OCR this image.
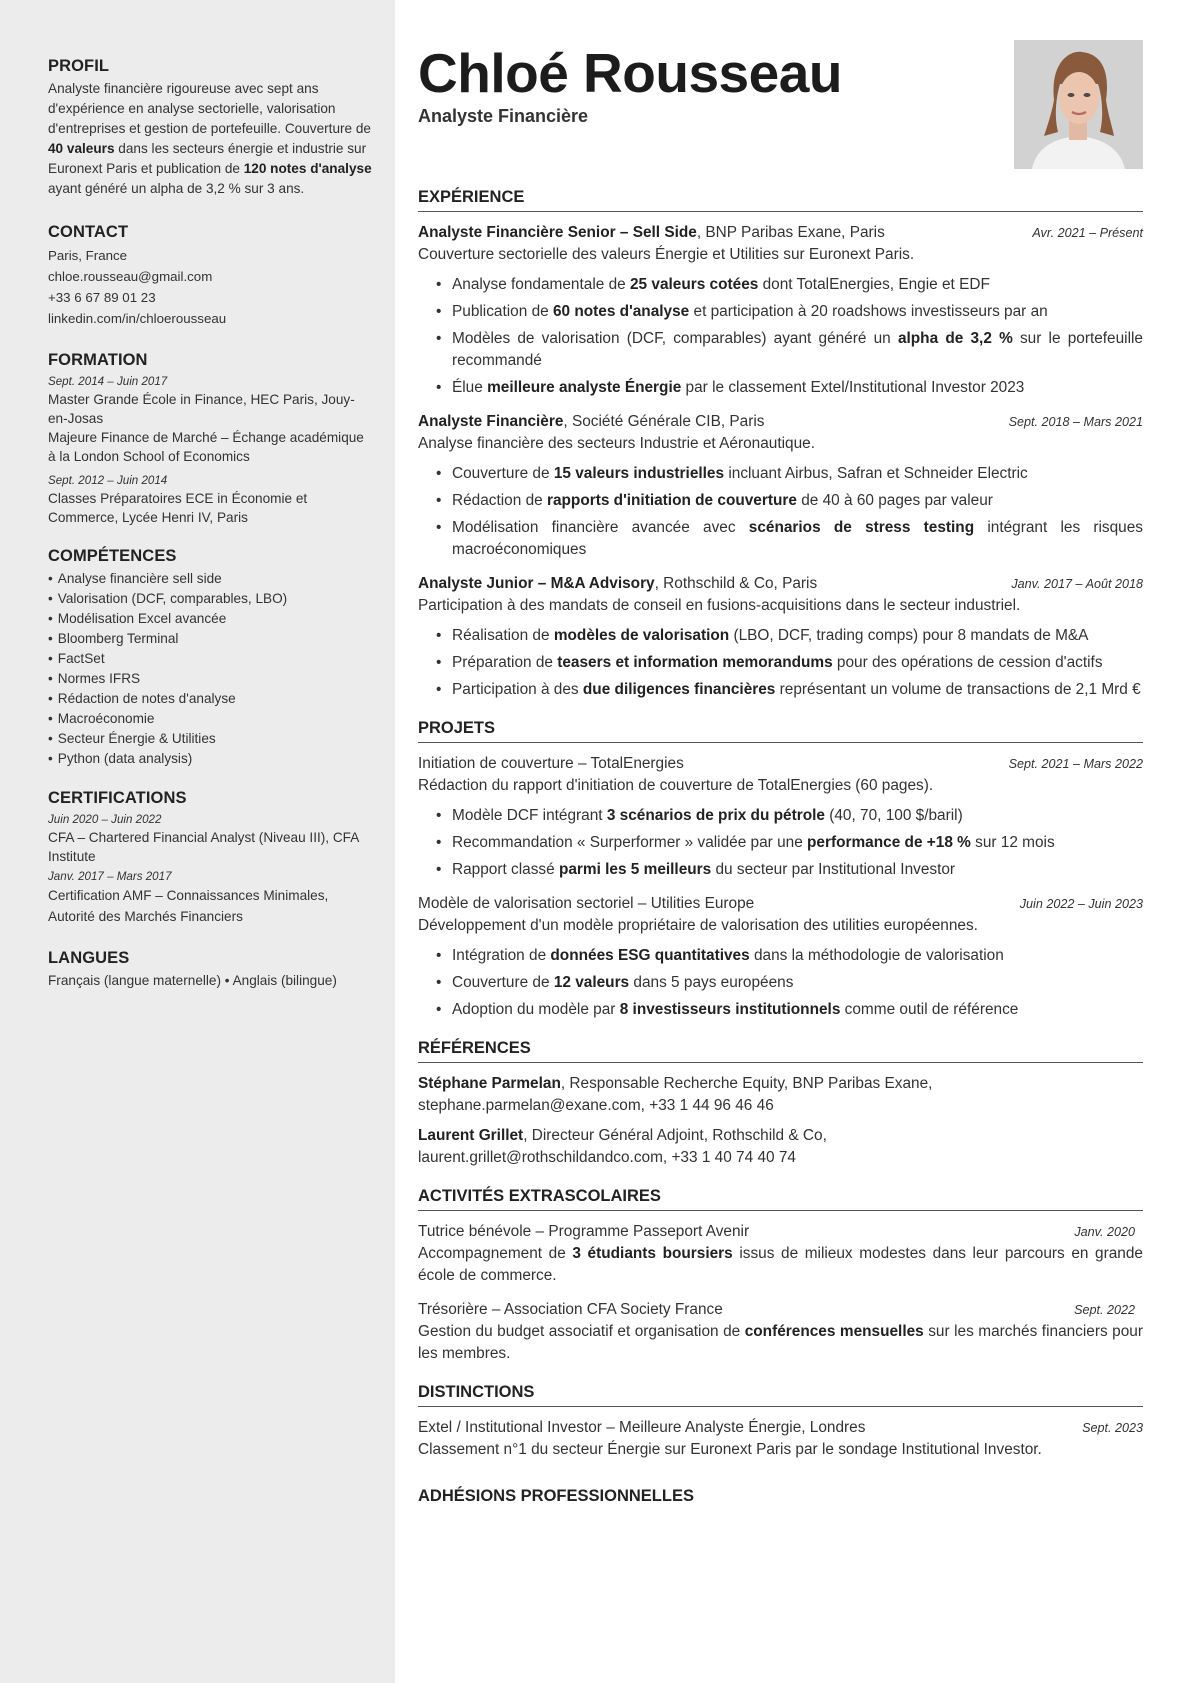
PROFIL

Analyste financière rigoureuse avec sept ans d'expérience en analyse sectorielle, valorisation d'entreprises et gestion de portefeuille. Couverture de 40 valeurs dans les secteurs énergie et industrie sur Euronext Paris et publication de 120 notes d'analyse ayant généré un alpha de 3,2 % sur 3 ans.

CONTACT
Paris, France
chloe.rousseau@gmail.com
+33 6 67 89 01 23
linkedin.com/in/chloerousseau
FORMATION
Sept. 2014 – Juin 2017
Master Grande École in Finance, HEC Paris, Jouy-en-Josas
Majeure Finance de Marché – Échange académique à la London School of Economics
Sept. 2012 – Juin 2014
Classes Préparatoires ECE in Économie et Commerce, Lycée Henri IV, Paris
COMPÉTENCES
• Analyse financière sell side
• Valorisation (DCF, comparables, LBO)
• Modélisation Excel avancée
• Bloomberg Terminal
• FactSet
• Normes IFRS
• Rédaction de notes d'analyse
• Macroéconomie
• Secteur Énergie & Utilities
• Python (data analysis)
CERTIFICATIONS
Juin 2020 – Juin 2022
CFA – Chartered Financial Analyst (Niveau III), CFA Institute
Janv. 2017 – Mars 2017
Certification AMF – Connaissances Minimales, Autorité des Marchés Financiers
LANGUES
Français (langue maternelle) • Anglais (bilingue)
Chloé Rousseau
Analyste Financière
EXPÉRIENCE
Analyste Financière Senior – Sell Side, BNP Paribas Exane, Paris	Avr. 2021 – Présent
Couverture sectorielle des valeurs Énergie et Utilities sur Euronext Paris.
• Analyse fondamentale de 25 valeurs cotées dont TotalEnergies, Engie et EDF
• Publication de 60 notes d'analyse et participation à 20 roadshows investisseurs par an
• Modèles de valorisation (DCF, comparables) ayant généré un alpha de 3,2 % sur le portefeuille recommandé
• Élue meilleure analyste Énergie par le classement Extel/Institutional Investor 2023
Analyste Financière, Société Générale CIB, Paris	Sept. 2018 – Mars 2021
Analyse financière des secteurs Industrie et Aéronautique.
• Couverture de 15 valeurs industrielles incluant Airbus, Safran et Schneider Electric
• Rédaction de rapports d'initiation de couverture de 40 à 60 pages par valeur
• Modélisation financière avancée avec scénarios de stress testing intégrant les risques macroéconomiques
Analyste Junior – M&A Advisory, Rothschild & Co, Paris	Janv. 2017 – Août 2018
Participation à des mandats de conseil en fusions-acquisitions dans le secteur industriel.
• Réalisation de modèles de valorisation (LBO, DCF, trading comps) pour 8 mandats de M&A
• Préparation de teasers et information memorandums pour des opérations de cession d'actifs
• Participation à des due diligences financières représentant un volume de transactions de 2,1 Mrd €
PROJETS
Initiation de couverture – TotalEnergies	Sept. 2021 – Mars 2022
Rédaction du rapport d'initiation de couverture de TotalEnergies (60 pages).
• Modèle DCF intégrant 3 scénarios de prix du pétrole (40, 70, 100 $/baril)
• Recommandation « Surperformer » validée par une performance de +18 % sur 12 mois
• Rapport classé parmi les 5 meilleurs du secteur par Institutional Investor
Modèle de valorisation sectoriel – Utilities Europe	Juin 2022 – Juin 2023
Développement d'un modèle propriétaire de valorisation des utilities européennes.
• Intégration de données ESG quantitatives dans la méthodologie de valorisation
• Couverture de 12 valeurs dans 5 pays européens
• Adoption du modèle par 8 investisseurs institutionnels comme outil de référence
RÉFÉRENCES
Stéphane Parmelan, Responsable Recherche Equity, BNP Paribas Exane,
stephane.parmelan@exane.com, +33 1 44 96 46 46
Laurent Grillet, Directeur Général Adjoint, Rothschild & Co,
laurent.grillet@rothschildandco.com, +33 1 40 74 40 74
ACTIVITÉS EXTRASCOLAIRES
Tutrice bénévole – Programme Passeport Avenir	Janv. 2020

Accompagnement de 3 étudiants boursiers issus de milieux modestes dans leur parcours en grande école de commerce.

Trésorière – Association CFA Society France	Sept. 2022

Gestion du budget associatif et organisation de conférences mensuelles sur les marchés financiers pour les membres.

DISTINCTIONS
Extel / Institutional Investor – Meilleure Analyste Énergie, Londres	Sept. 2023
Classement n°1 du secteur Énergie sur Euronext Paris par le sondage Institutional Investor.
ADHÉSIONS PROFESSIONNELLES
